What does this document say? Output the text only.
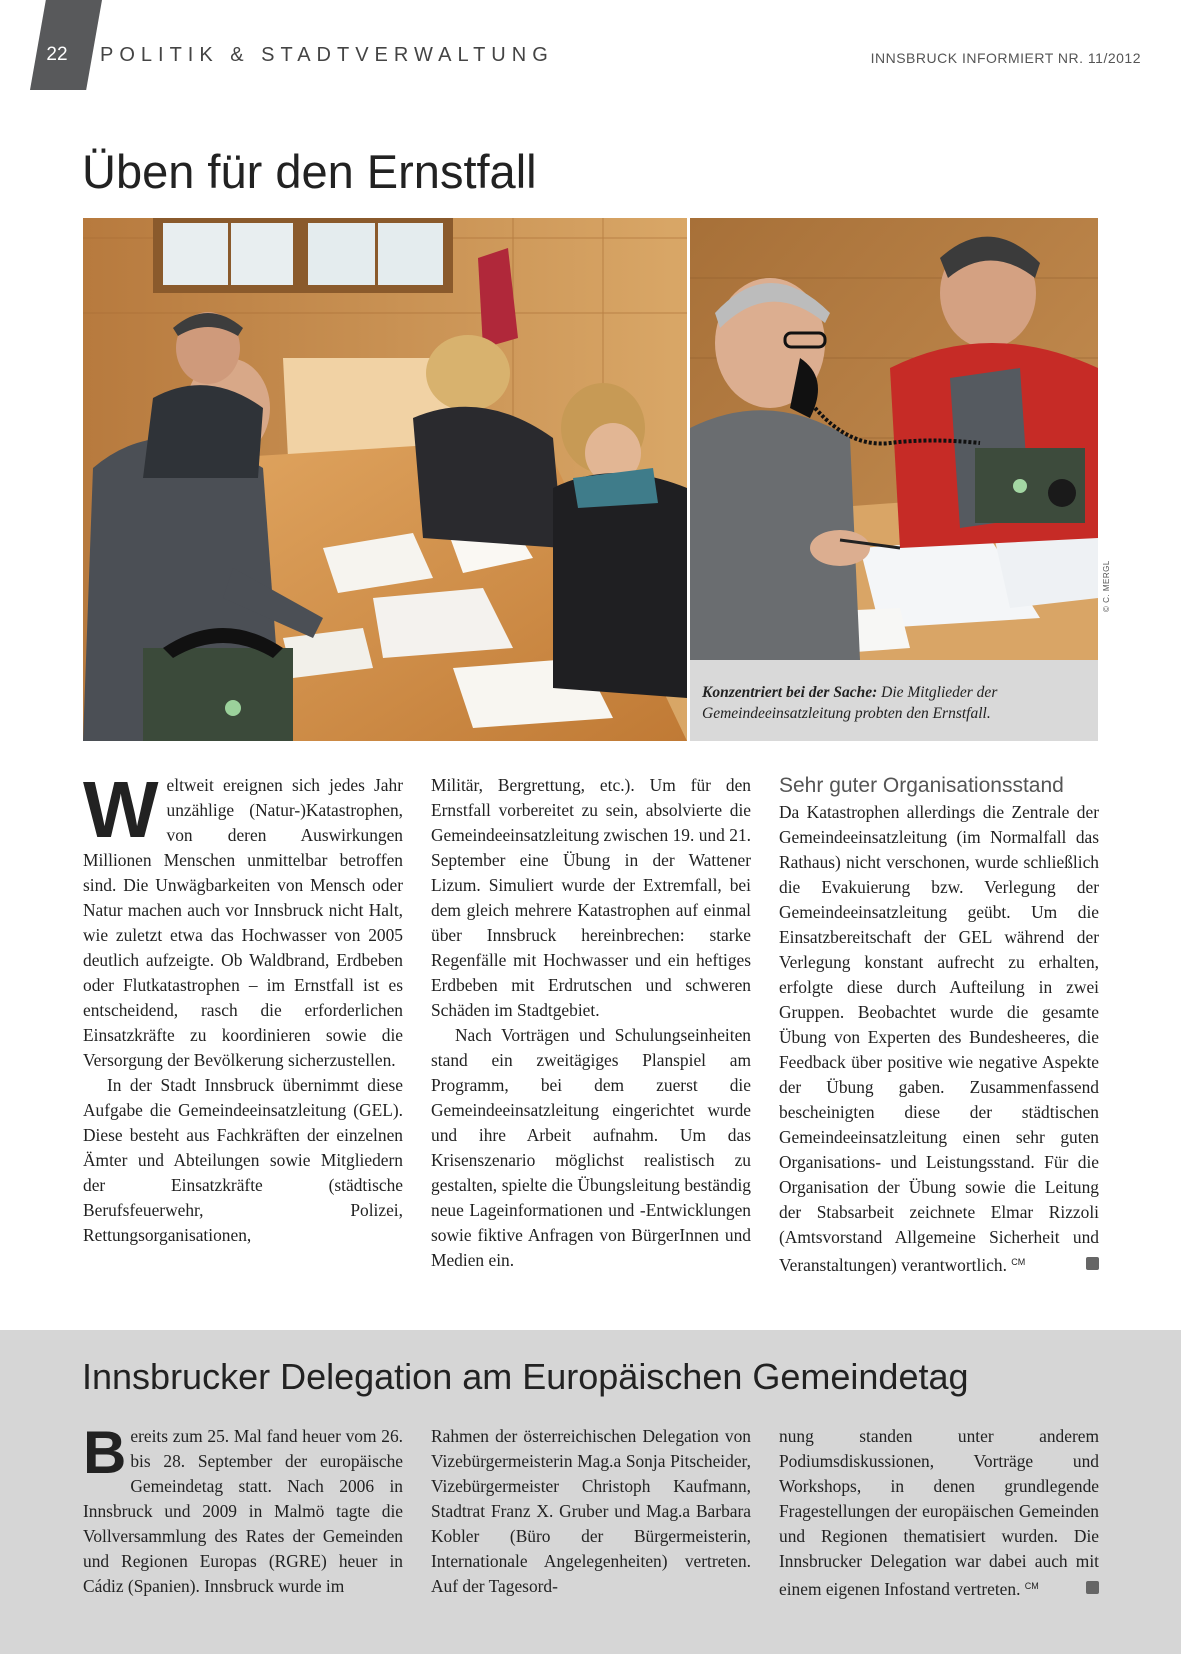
22	POLITIK & STADTVERWALTUNG	INNSBRUCK INFORMIERT NR. 11/2012
Üben für den Ernstfall
© C. MERGL
Konzentriert bei der Sache: Die Mitglieder der Gemeindeeinsatzleitung probten den Ernstfall.

Weltweit ereignen sich jedes Jahr unzählige (Natur-)Katastrophen, von deren Auswirkungen Millionen Menschen unmittelbar betroffen sind. Die Unwägbarkeiten von Mensch oder Natur machen auch vor Innsbruck nicht Halt, wie zuletzt etwa das Hochwasser von 2005 deutlich aufzeigte. Ob Waldbrand, Erdbeben oder Flutkatastrophen – im Ernstfall ist es entscheidend, rasch die erforderlichen Einsatzkräfte zu koordinieren sowie die Versorgung der Bevölkerung sicherzustellen.

In der Stadt Innsbruck übernimmt diese Aufgabe die Gemeindeeinsatzleitung (GEL). Diese besteht aus Fachkräften der einzelnen Ämter und Abteilungen sowie Mitgliedern der Einsatzkräfte (städtische Berufsfeuerwehr, Polizei, Rettungsorganisationen,

Militär, Bergrettung, etc.). Um für den Ernstfall vorbereitet zu sein, absolvierte die Gemeindeeinsatzleitung zwischen 19. und 21. September eine Übung in der Wattener Lizum. Simuliert wurde der Extremfall, bei dem gleich mehrere Katastrophen auf einmal über Innsbruck hereinbrechen: starke Regenfälle mit Hochwasser und ein heftiges Erdbeben mit Erdrutschen und schweren Schäden im Stadtgebiet.

Nach Vorträgen und Schulungseinheiten stand ein zweitägiges Planspiel am Programm, bei dem zuerst die Gemeindeeinsatzleitung eingerichtet wurde und ihre Arbeit aufnahm. Um das Krisenszenario möglichst realistisch zu gestalten, spielte die Übungsleitung beständig neue Lageinformationen und -Entwicklungen sowie fiktive Anfragen von BürgerInnen und Medien ein.

Sehr guter Organisationsstand

Da Katastrophen allerdings die Zentrale der Gemeindeeinsatzleitung (im Normalfall das Rathaus) nicht verschonen, wurde schließlich die Evakuierung bzw. Verlegung der Gemeindeeinsatzleitung geübt. Um die Einsatzbereitschaft der GEL während der Verlegung konstant aufrecht zu erhalten, erfolgte diese durch Aufteilung in zwei Gruppen. Beobachtet wurde die gesamte Übung von Experten des Bundesheeres, die Feedback über positive wie negative Aspekte der Übung gaben. Zusammenfassend bescheinigten diese der städtischen Gemeindeeinsatzleitung einen sehr guten Organisations- und Leistungsstand. Für die Organisation der Übung sowie die Leitung der Stabsarbeit zeichnete Elmar Rizzoli (Amtsvorstand Allgemeine Sicherheit und Veranstaltungen) verantwortlich. $^{CM}$

Innsbrucker Delegation am Europäischen Gemeindetag

Bereits zum 25. Mal fand heuer vom 26. bis 28. September der europäische Gemeindetag statt. Nach 2006 in Innsbruck und 2009 in Malmö tagte die Vollversammlung des Rates der Gemeinden und Regionen Europas (RGRE) heuer in Cádiz (Spanien). Innsbruck wurde im

Rahmen der österreichischen Delegation von Vizebürgermeisterin Mag.a Sonja Pitscheider, Vizebürgermeister Christoph Kaufmann, Stadtrat Franz X. Gruber und Mag.a Barbara Kobler (Büro der Bürgermeisterin, Internationale Angelegenheiten) vertreten. Auf der Tagesord-

nung standen unter anderem Podiumsdiskussionen, Vorträge und Workshops, in denen grundlegende Fragestellungen der europäischen Gemeinden und Regionen thematisiert wurden. Die Innsbrucker Delegation war dabei auch mit einem eigenen Infostand vertreten. $^{CM}$
